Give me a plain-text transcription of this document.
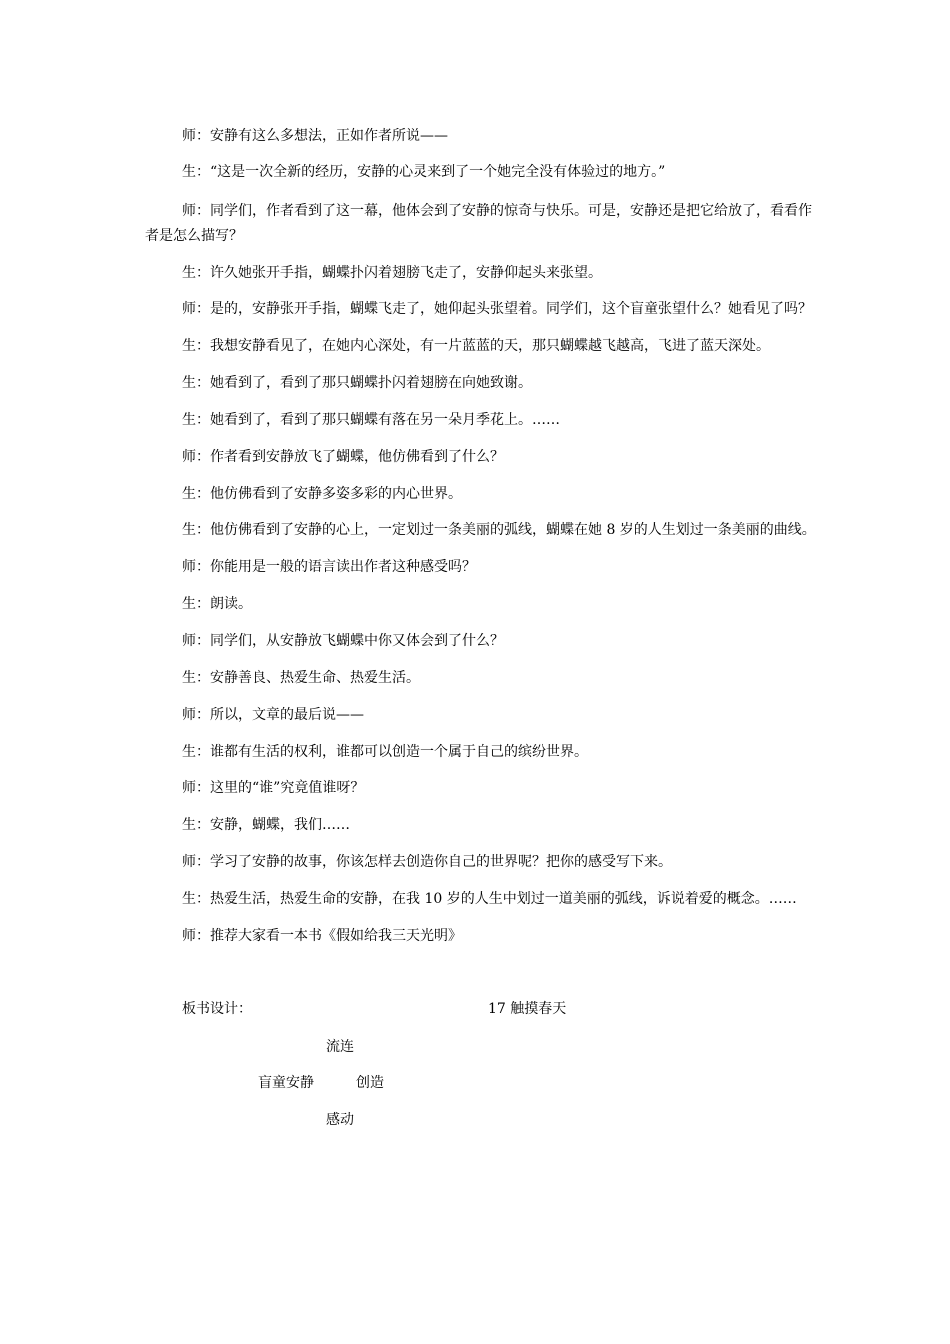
师：安静有这么多想法，正如作者所说——
生：“这是一次全新的经历，安静的心灵来到了一个她完全没有体验过的地方。”
师：同学们，作者看到了这一幕，他体会到了安静的惊奇与快乐。可是，安静还是把它给放了，看看作者是怎么描写？
生：许久她张开手指，蝴蝶扑闪着翅膀飞走了，安静仰起头来张望。
师：是的，安静张开手指，蝴蝶飞走了，她仰起头张望着。同学们，这个盲童张望什么？她看见了吗？
生：我想安静看见了，在她内心深处，有一片蓝蓝的天，那只蝴蝶越飞越高，飞进了蓝天深处。
生：她看到了，看到了那只蝴蝶扑闪着翅膀在向她致谢。
生：她看到了，看到了那只蝴蝶有落在另一朵月季花上。……
师：作者看到安静放飞了蝴蝶，他仿佛看到了什么？
生：他仿佛看到了安静多姿多彩的内心世界。
生：他仿佛看到了安静的心上，一定划过一条美丽的弧线，蝴蝶在她 8 岁的人生划过一条美丽的曲线。
师：你能用是一般的语言读出作者这种感受吗？
生：朗读。
师：同学们，从安静放飞蝴蝶中你又体会到了什么？
生：安静善良、热爱生命、热爱生活。
师：所以，文章的最后说——
生：谁都有生活的权利，谁都可以创造一个属于自己的缤纷世界。
师：这里的“谁”究竟值谁呀？
生：安静，蝴蝶，我们……
师：学习了安静的故事，你该怎样去创造你自己的世界呢？把你的感受写下来。
生：热爱生活，热爱生命的安静，在我 10 岁的人生中划过一道美丽的弧线，诉说着爱的概念。……
师：推荐大家看一本书《假如给我三天光明》
板书设计：	17 触摸春天
流连
盲童安静	创造
感动
